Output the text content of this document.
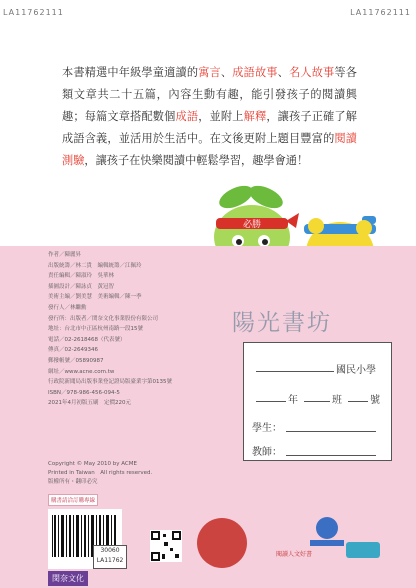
LA11762111	LA11762111
本書精選中年級學童適讀的寓言、成語故事、名人故事等各類文章共二十五篇，內容生動有趣，能引發孩子的閱讀興趣；每篇文章搭配數個成語，並附上解釋，讓孩子正確了解成語含義，並活用於生活中。在文後更附上題目豐富的閱讀測驗，讓孩子在快樂閱讀中輕鬆學習，趣學會通！
必勝
作者／陳麗昇
出版統籌／林二貴　編輯統籌／江佩玲
責任編輯／陳淑玲　吳華林
插圖設計／陳詠貞　黃冠智
美術主編／劉美慧　美術編輯／陳一季
發行人／林繼勳
發行所：出版者／閔奈文化事業股份有限公司
地址：台北市中正區杭州南路一段15號
電話／02-2618468（代表號）
傳真／02-2649346
郵撥帳號／05890987
網址／www.acne.com.tw
行政院新聞局出版事業登記證局版臺業字第0135號
ISBN／978-986-456-094-5
2021年4月初版五刷　定價220元
陽光書坊
國民小學
年	班	號
學生：
教師：
Copyright © May 2010 by ACME
Printed in Taiwan　All rights reserved.
版權所有・翻印必究
購書請洽訂購專線
30060
LA11762
閔奈文化
閱讀人文好書
